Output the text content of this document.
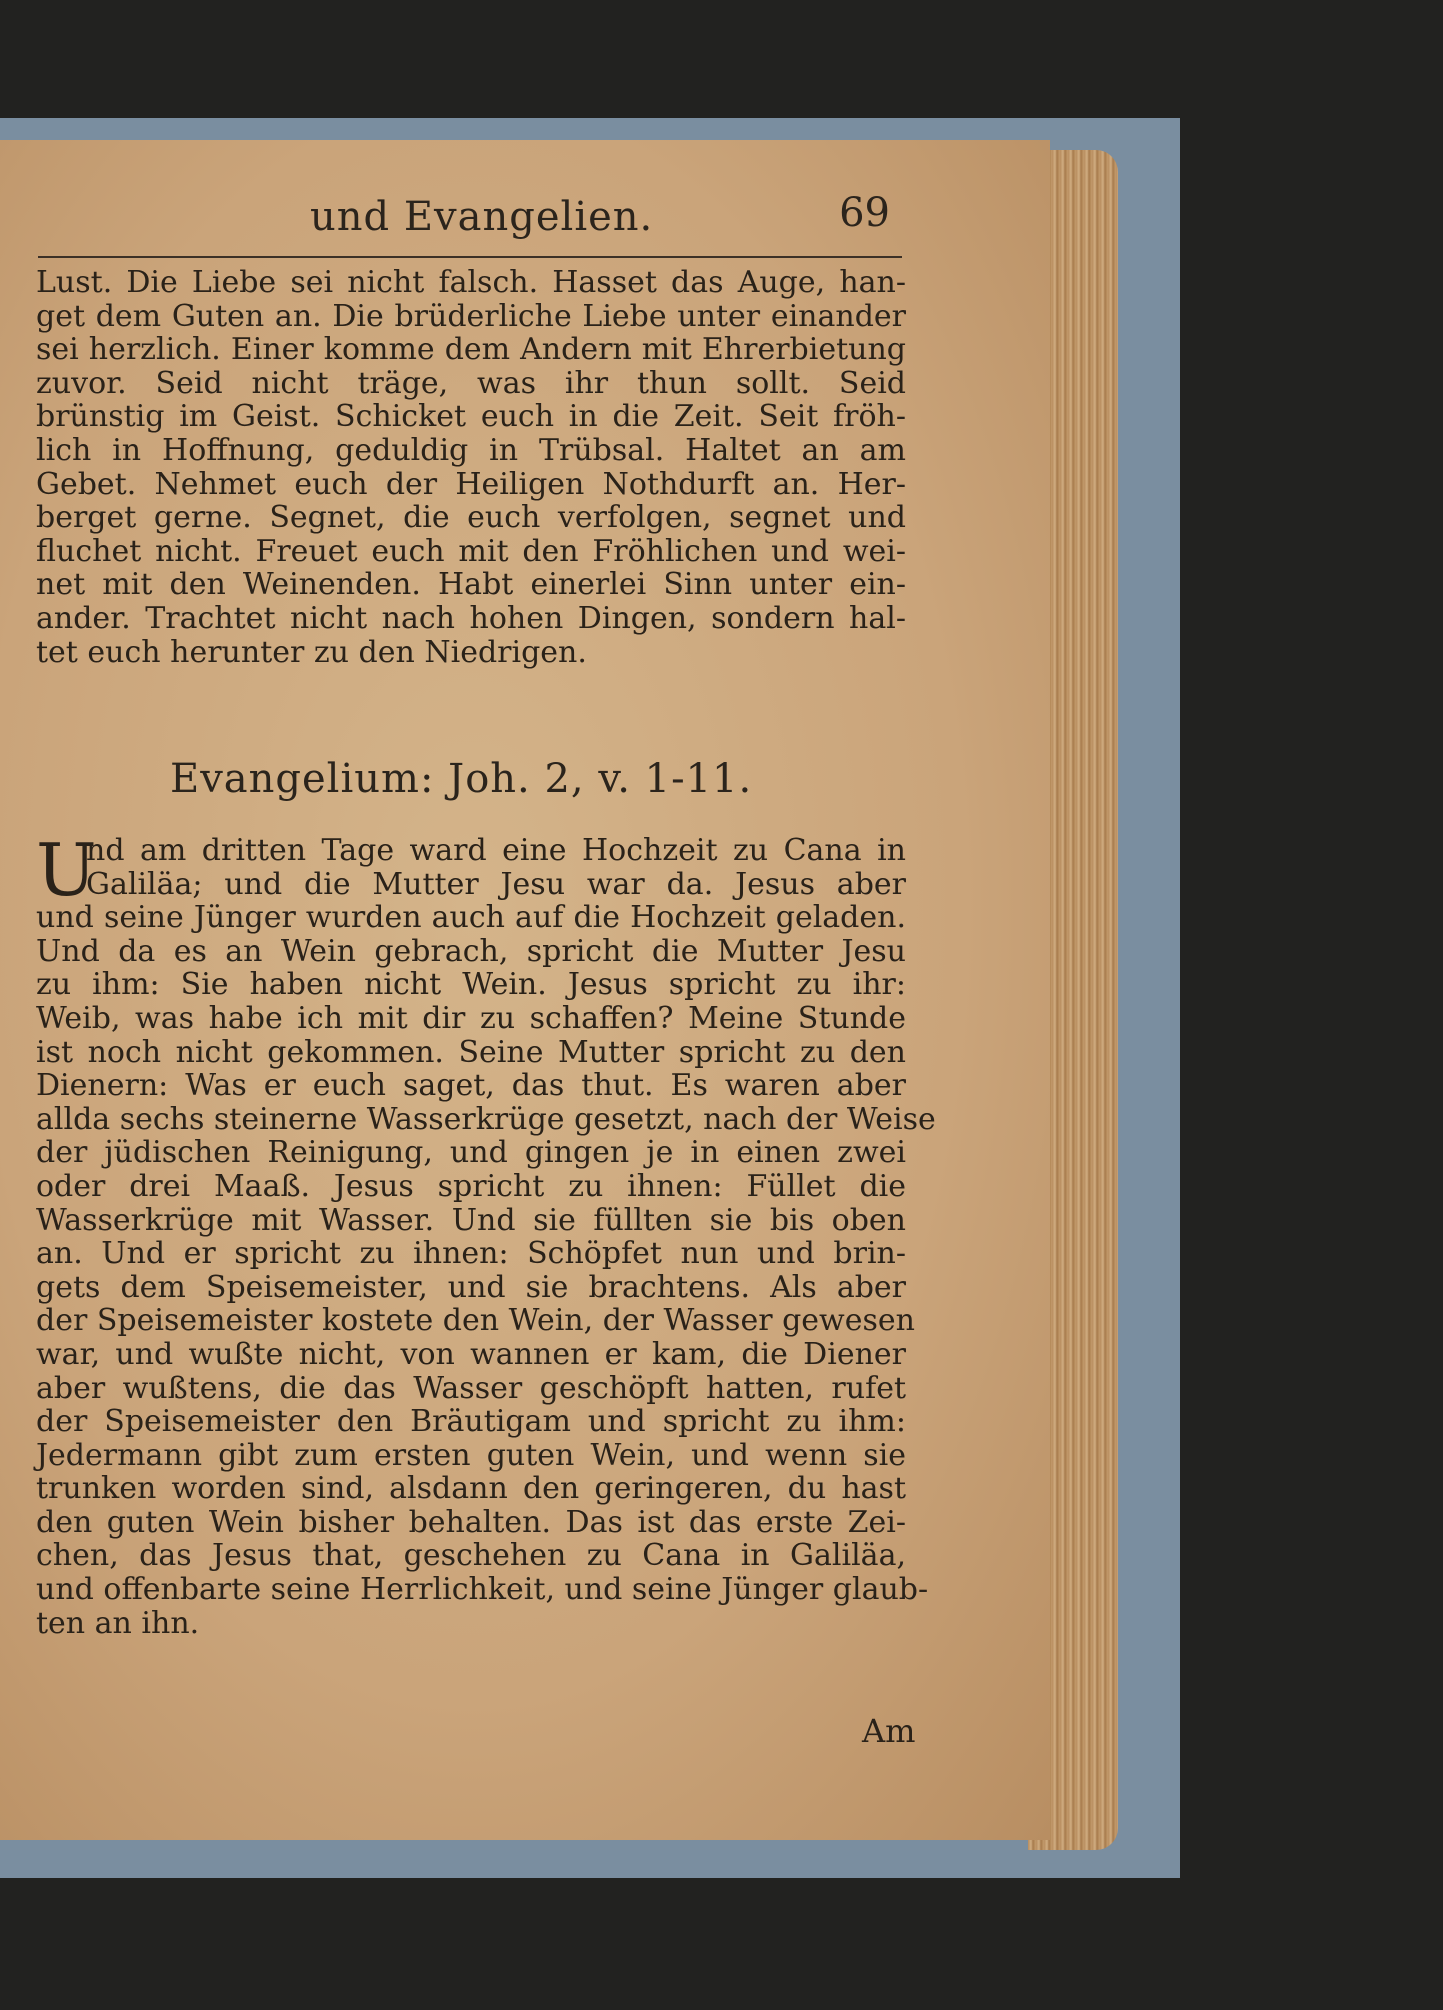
und Evangelien.	69
Lust. Die Liebe sei nicht falsch. Hasset das Auge, han-
get dem Guten an. Die brüderliche Liebe unter einander
sei herzlich. Einer komme dem Andern mit Ehrerbietung
zuvor. Seid nicht träge, was ihr thun sollt. Seid
brünstig im Geist. Schicket euch in die Zeit. Seit fröh-
lich in Hoffnung, geduldig in Trübsal. Haltet an am
Gebet. Nehmet euch der Heiligen Nothdurft an. Her-
berget gerne. Segnet, die euch verfolgen, segnet und
fluchet nicht. Freuet euch mit den Fröhlichen und wei-
net mit den Weinenden. Habt einerlei Sinn unter ein-
ander. Trachtet nicht nach hohen Dingen, sondern hal-
tet euch herunter zu den Niedrigen.
Evangelium: Joh. 2, v. 1-11.
U
nd am dritten Tage ward eine Hochzeit zu Cana in
Galiläa; und die Mutter Jesu war da. Jesus aber
und seine Jünger wurden auch auf die Hochzeit geladen.
Und da es an Wein gebrach, spricht die Mutter Jesu
zu ihm: Sie haben nicht Wein. Jesus spricht zu ihr:
Weib, was habe ich mit dir zu schaffen? Meine Stunde
ist noch nicht gekommen. Seine Mutter spricht zu den
Dienern: Was er euch saget, das thut. Es waren aber
allda sechs steinerne Wasserkrüge gesetzt, nach der Weise
der jüdischen Reinigung, und gingen je in einen zwei
oder drei Maaß. Jesus spricht zu ihnen: Füllet die
Wasserkrüge mit Wasser. Und sie füllten sie bis oben
an. Und er spricht zu ihnen: Schöpfet nun und brin-
gets dem Speisemeister, und sie brachtens. Als aber
der Speisemeister kostete den Wein, der Wasser gewesen
war, und wußte nicht, von wannen er kam, die Diener
aber wußtens, die das Wasser geschöpft hatten, rufet
der Speisemeister den Bräutigam und spricht zu ihm:
Jedermann gibt zum ersten guten Wein, und wenn sie
trunken worden sind, alsdann den geringeren, du hast
den guten Wein bisher behalten. Das ist das erste Zei-
chen, das Jesus that, geschehen zu Cana in Galiläa,
und offenbarte seine Herrlichkeit, und seine Jünger glaub-
ten an ihn.
Am
